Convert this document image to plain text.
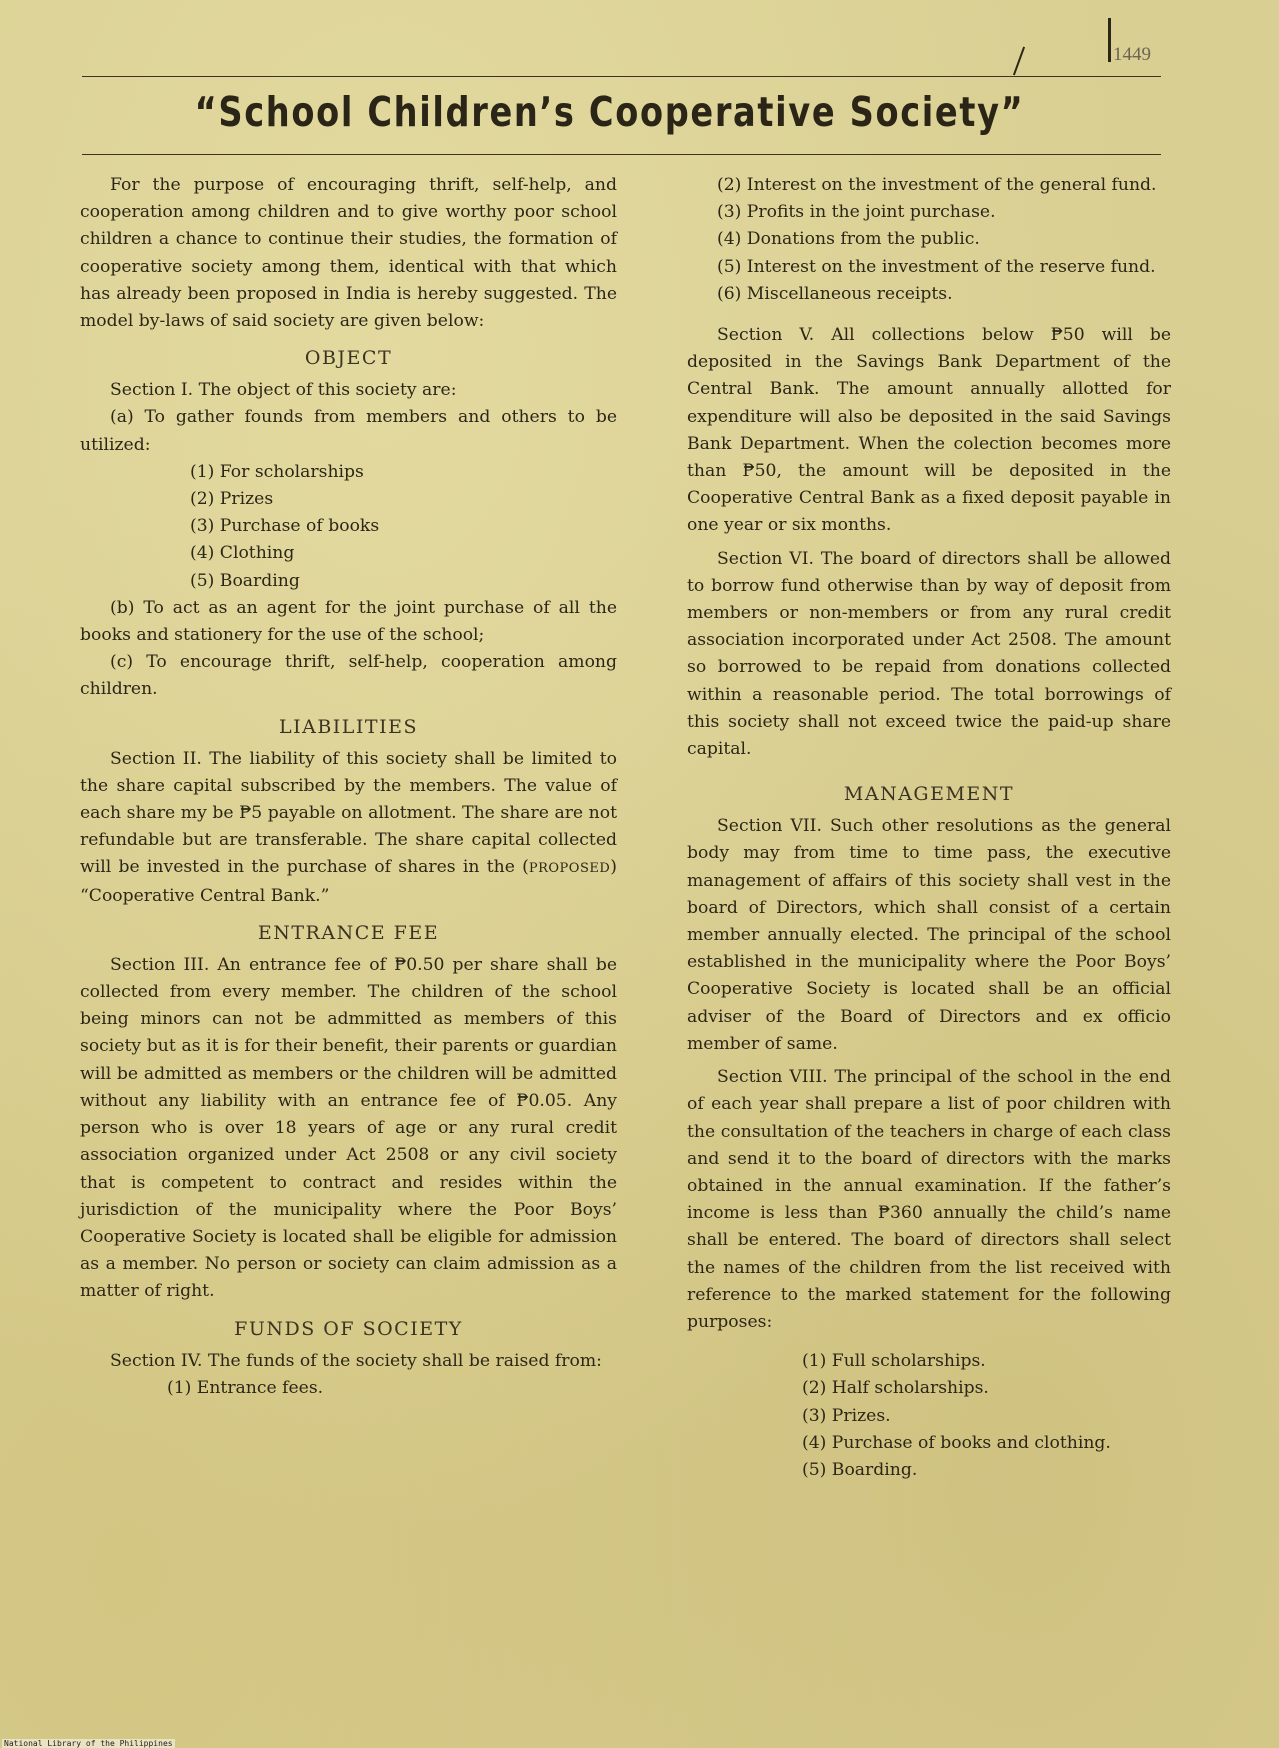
1449
“School Children’s Cooperative Society”

For the purpose of encouraging thrift, self-help, and cooperation among children and to give worthy poor school children a chance to continue their studies, the formation of cooperative society among them, identical with that which has already been proposed in India is hereby suggested. The model by-laws of said society are given below:

OBJECT

Section I. The object of this society are:

(a) To gather founds from members and others to be utilized:

(1) For scholarships

(2) Prizes

(3) Purchase of books

(4) Clothing

(5) Boarding

(b) To act as an agent for the joint purchase of all the books and stationery for the use of the school;

(c) To encourage thrift, self-help, cooperation among children.

LIABILITIES

Section II. The liability of this society shall be limited to the share capital subscribed by the members. The value of each share my be ₱5 payable on allotment. The share are not refundable but are transferable. The share capital collected will be invested in the purchase of shares in the (PROPOSED) “Cooperative Central Bank.”

ENTRANCE FEE

Section III. An entrance fee of ₱0.50 per share shall be collected from every member. The children of the school being minors can not be admmitted as members of this society but as it is for their benefit, their parents or guardian will be admitted as members or the children will be admitted without any liability with an entrance fee of ₱0.05. Any person who is over 18 years of age or any rural credit association organized under Act 2508 or any civil society that is competent to contract and resides within the jurisdiction of the municipality where the Poor Boys’ Cooperative Society is located shall be eligible for admission as a member. No person or society can claim admission as a matter of right.

FUNDS OF SOCIETY

Section IV. The funds of the society shall be raised from:

(1) Entrance fees.

(2) Interest on the investment of the general fund.

(3) Profits in the joint purchase.

(4) Donations from the public.

(5) Interest on the investment of the reserve fund.

(6) Miscellaneous receipts.

Section V. All collections below ₱50 will be deposited in the Savings Bank Department of the Central Bank. The amount annually allotted for expenditure will also be deposited in the said Savings Bank Department. When the colection becomes more than ₱50, the amount will be deposited in the Cooperative Central Bank as a fixed deposit payable in one year or six months.

Section VI. The board of directors shall be allowed to borrow fund otherwise than by way of deposit from members or non-members or from any rural credit association incorporated under Act 2508. The amount so borrowed to be repaid from donations collected within a reasonable period. The total borrowings of this society shall not exceed twice the paid-up share capital.

MANAGEMENT

Section VII. Such other resolutions as the general body may from time to time pass, the executive management of affairs of this society shall vest in the board of Directors, which shall consist of a certain member annually elected. The principal of the school established in the municipality where the Poor Boys’ Cooperative Society is located shall be an official adviser of the Board of Directors and ex officio member of same.

Section VIII. The principal of the school in the end of each year shall prepare a list of poor children with the consultation of the teachers in charge of each class and send it to the board of directors with the marks obtained in the annual examination. If the father’s income is less than ₱360 annually the child’s name shall be entered. The board of directors shall select the names of the children from the list received with reference to the marked statement for the following purposes:

(1) Full scholarships.

(2) Half scholarships.

(3) Prizes.

(4) Purchase of books and clothing.

(5) Boarding.

National Library of the Philippines
